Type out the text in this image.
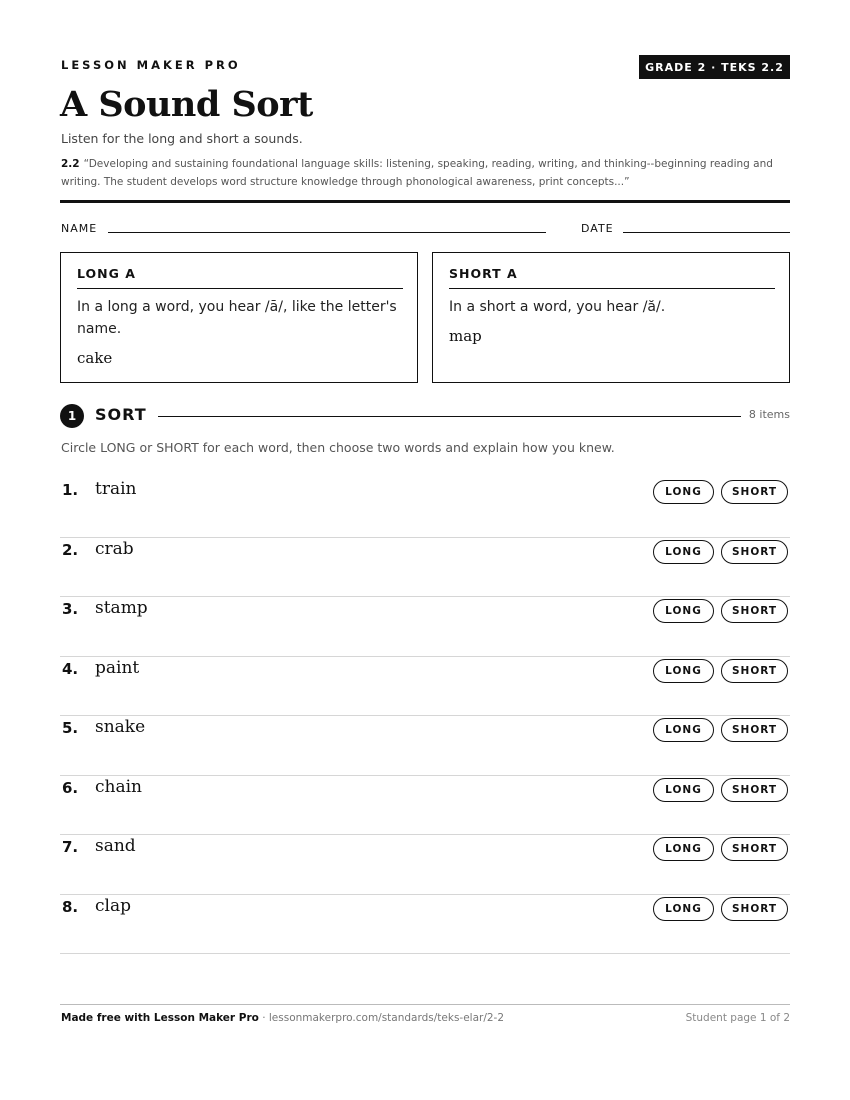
LESSON MAKER PRO	GRADE 2 · TEKS 2.2
A Sound Sort
Listen for the long and short a sounds.
2.2 “Developing and sustaining foundational language skills: listening, speaking, reading, writing, and thinking--beginning reading and writing. The student develops word structure knowledge through phonological awareness, print concepts...”
NAME	DATE
LONG A
In a long a word, you hear /ā/, like the letter's name.
cake
SHORT A
In a short a word, you hear /ă/.
map
1	SORT	8 items
Circle LONG or SHORT for each word, then choose two words and explain how you knew.
1. train	LONG	SHORT
2. crab	LONG	SHORT
3. stamp	LONG	SHORT
4. paint	LONG	SHORT
5. snake	LONG	SHORT
6. chain	LONG	SHORT
7. sand	LONG	SHORT
8. clap	LONG	SHORT
Made free with Lesson Maker Pro · lessonmakerpro.com/standards/teks-elar/2-2	Student page 1 of 2
